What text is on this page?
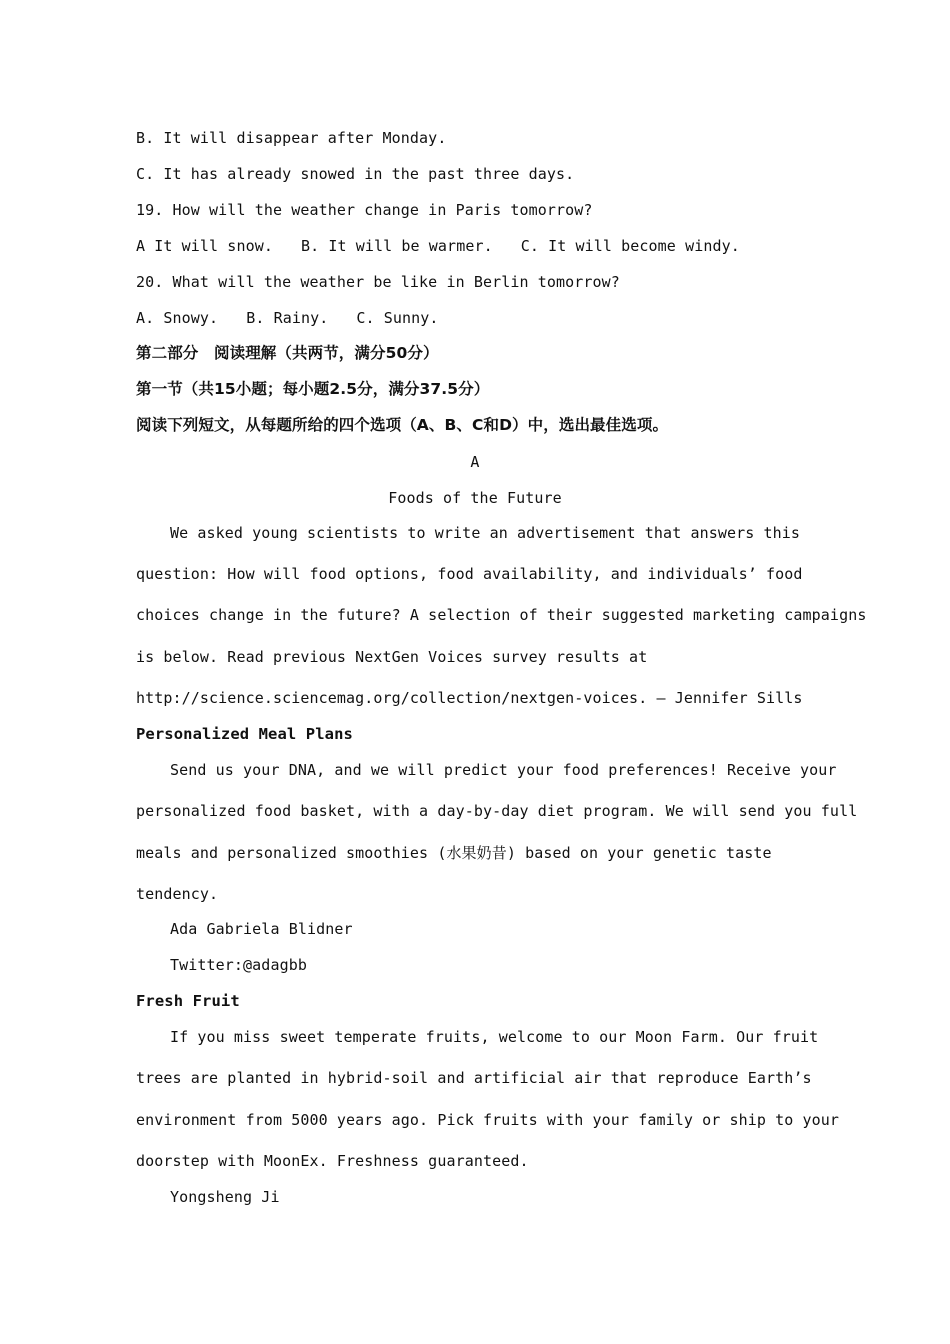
B. It will disappear after Monday.
C. It has already snowed in the past three days.
19. How will the weather change in Paris tomorrow?
A It will snow. B. It will be warmer. C. It will become windy.
20. What will the weather be like in Berlin tomorrow?
A. Snowy. B. Rainy. C. Sunny.
第二部分　阅读理解（共两节，满分50分）
第一节（共15小题；每小题2.5分，满分37.5分）
阅读下列短文，从每题所给的四个选项（A、B、C和D）中，选出最佳选项。
A
Foods of the Future
We asked young scientists to write an advertisement that answers this
question: How will food options, food availability, and individuals’ food
choices change in the future? A selection of their suggested marketing campaigns
is below. Read previous NextGen Voices survey results at
http://science.sciencemag.org/collection/nextgen-voices. — Jennifer Sills
Personalized Meal Plans
Send us your DNA, and we will predict your food preferences! Receive your
personalized food basket, with a day-by-day diet program. We will send you full
meals and personalized smoothies (水果奶昔) based on your genetic taste
tendency.
Ada Gabriela Blidner
Twitter:@adagbb
Fresh Fruit
If you miss sweet temperate fruits, welcome to our Moon Farm. Our fruit
trees are planted in hybrid-soil and artificial air that reproduce Earth’s
environment from 5000 years ago. Pick fruits with your family or ship to your
doorstep with MoonEx. Freshness guaranteed.
Yongsheng Ji
